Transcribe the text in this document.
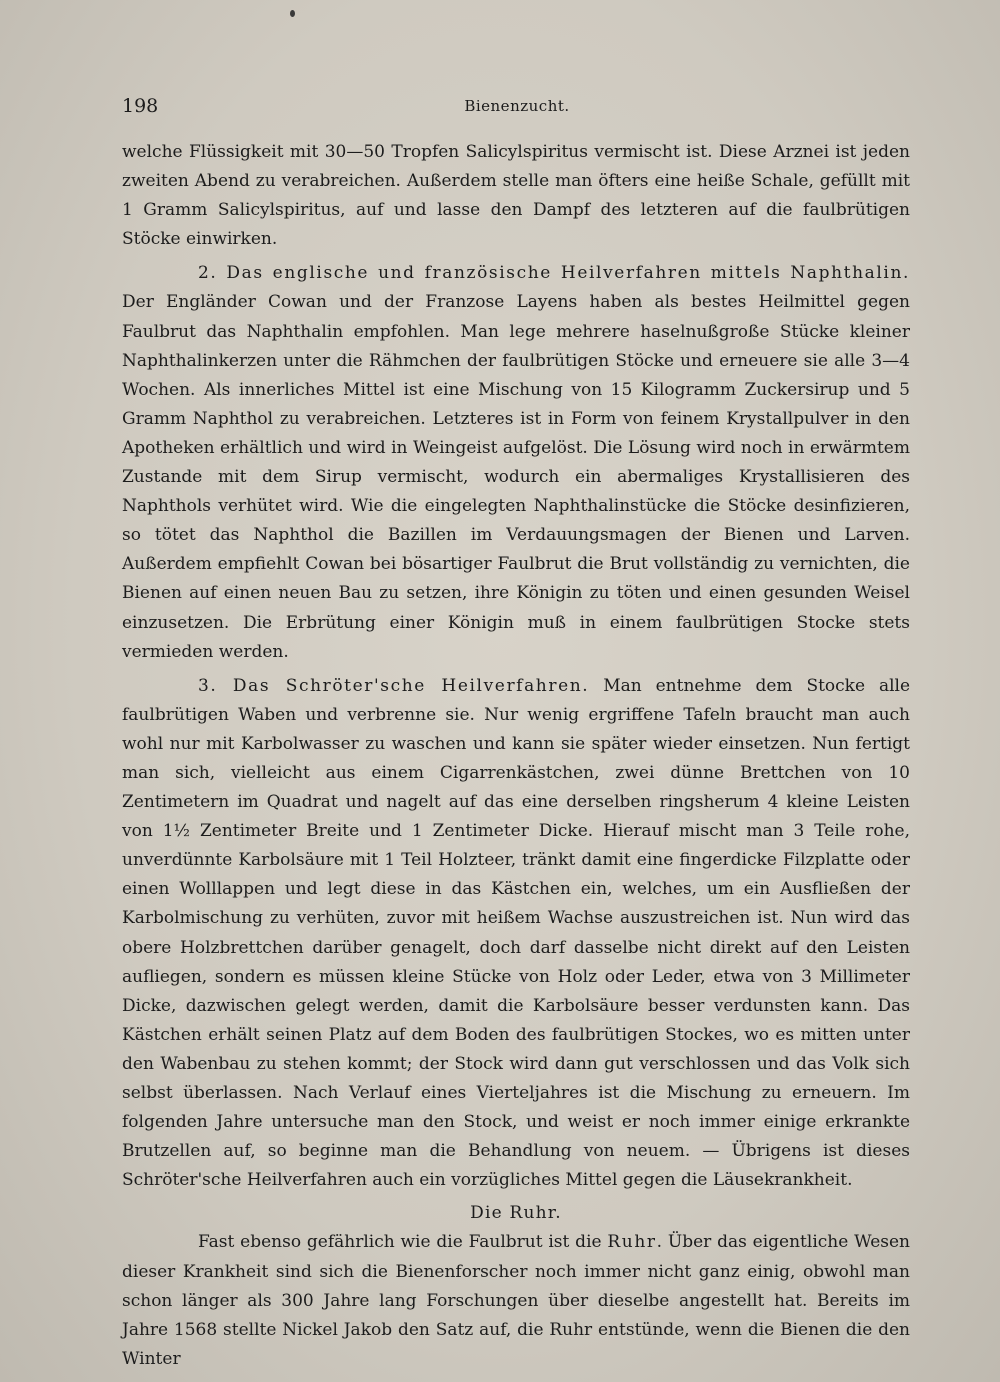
198	Bienenzucht.

welche Flüssigkeit mit 30—50 Tropfen Salicylspiritus vermischt ist. Diese Arznei ist jeden zweiten Abend zu verabreichen. Außerdem stelle man öfters eine heiße Schale, gefüllt mit 1 Gramm Salicylspiritus, auf und lasse den Dampf des letzteren auf die faulbrütigen Stöcke einwirken.

2. Das englische und französische Heilverfahren mittels Naphthalin. Der Engländer Cowan und der Franzose Layens haben als bestes Heilmittel gegen Faulbrut das Naphthalin empfohlen. Man lege mehrere haselnußgroße Stücke kleiner Naphthalinkerzen unter die Rähmchen der faulbrütigen Stöcke und erneuere sie alle 3—4 Wochen. Als innerliches Mittel ist eine Mischung von 15 Kilogramm Zuckersirup und 5 Gramm Naphthol zu verabreichen. Letzteres ist in Form von feinem Krystallpulver in den Apotheken erhältlich und wird in Weingeist aufgelöst. Die Lösung wird noch in erwärmtem Zustande mit dem Sirup vermischt, wodurch ein abermaliges Krystallisieren des Naphthols verhütet wird. Wie die eingelegten Naphthalinstücke die Stöcke desinfizieren, so tötet das Naphthol die Bazillen im Verdauungsmagen der Bienen und Larven. Außerdem empfiehlt Cowan bei bösartiger Faulbrut die Brut vollständig zu vernichten, die Bienen auf einen neuen Bau zu setzen, ihre Königin zu töten und einen gesunden Weisel einzusetzen. Die Erbrütung einer Königin muß in einem faulbrütigen Stocke stets vermieden werden.

3. Das Schröter'sche Heilverfahren. Man entnehme dem Stocke alle faulbrütigen Waben und verbrenne sie. Nur wenig ergriffene Tafeln braucht man auch wohl nur mit Karbolwasser zu waschen und kann sie später wieder einsetzen. Nun fertigt man sich, vielleicht aus einem Cigarrenkästchen, zwei dünne Brettchen von 10 Zentimetern im Quadrat und nagelt auf das eine derselben ringsherum 4 kleine Leisten von 1½ Zentimeter Breite und 1 Zentimeter Dicke. Hierauf mischt man 3 Teile rohe, unverdünnte Karbolsäure mit 1 Teil Holzteer, tränkt damit eine fingerdicke Filzplatte oder einen Wolllappen und legt diese in das Kästchen ein, welches, um ein Ausfließen der Karbolmischung zu verhüten, zuvor mit heißem Wachse auszustreichen ist. Nun wird das obere Holzbrettchen darüber genagelt, doch darf dasselbe nicht direkt auf den Leisten aufliegen, sondern es müssen kleine Stücke von Holz oder Leder, etwa von 3 Millimeter Dicke, dazwischen gelegt werden, damit die Karbolsäure besser verdunsten kann. Das Kästchen erhält seinen Platz auf dem Boden des faulbrütigen Stockes, wo es mitten unter den Wabenbau zu stehen kommt; der Stock wird dann gut verschlossen und das Volk sich selbst überlassen. Nach Verlauf eines Vierteljahres ist die Mischung zu erneuern. Im folgenden Jahre untersuche man den Stock, und weist er noch immer einige erkrankte Brutzellen auf, so beginne man die Behandlung von neuem. — Übrigens ist dieses Schröter'sche Heilverfahren auch ein vorzügliches Mittel gegen die Läusekrankheit.

Die Ruhr.

Fast ebenso gefährlich wie die Faulbrut ist die Ruhr. Über das eigentliche Wesen dieser Krankheit sind sich die Bienenforscher noch immer nicht ganz einig, obwohl man schon länger als 300 Jahre lang Forschungen über dieselbe angestellt hat. Bereits im Jahre 1568 stellte Nickel Jakob den Satz auf, die Ruhr entstünde, wenn die Bienen die den Winter
